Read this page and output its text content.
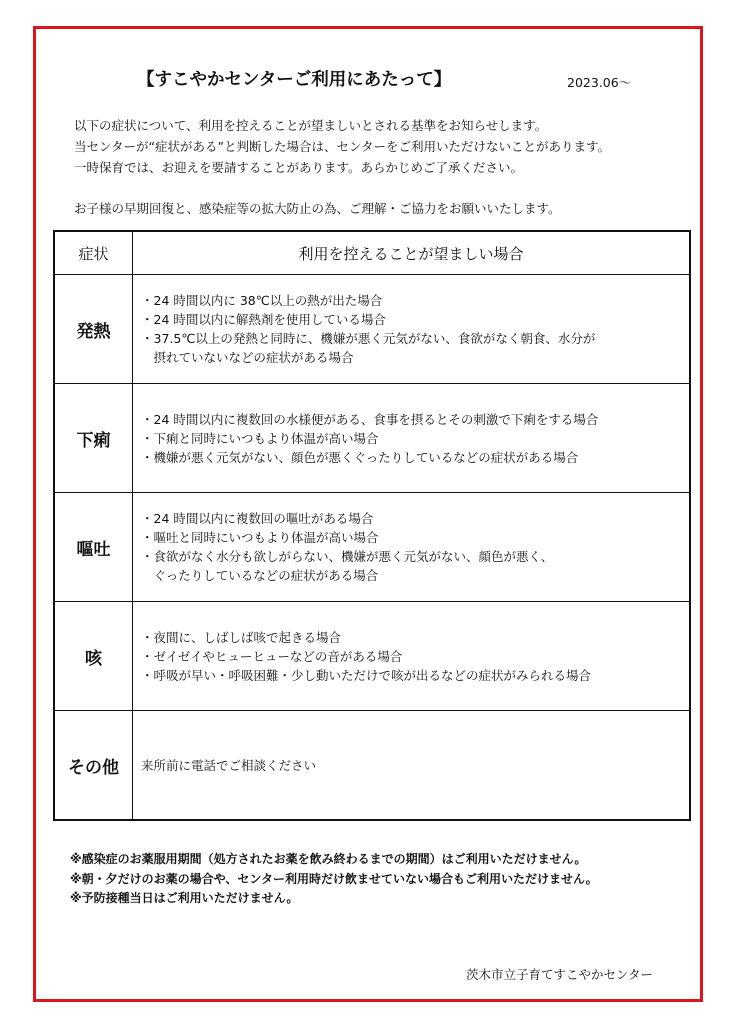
【すこやかセンターご利用にあたって】	2023.06～

以下の症状について、利用を控えることが望ましいとされる基準をお知らせします。

当センターが“症状がある”と判断した場合は、センターをご利用いただけないことがあります。

一時保育では、お迎えを要請することがあります。あらかじめご了承ください。

お子様の早期回復と、感染症等の拡大防止の為、ご理解・ご協力をお願いいたします。

症状	利用を控えることが望ましい場合
発熱	・24 時間以内に 38℃以上の熱が出た場合
・24 時間以内に解熱剤を使用している場合
・37.5℃以上の発熱と同時に、機嫌が悪く元気がない、食欲がなく朝食、水分が
　摂れていないなどの症状がある場合

下痢	・24 時間以内に複数回の水様便がある、食事を摂るとその刺激で下痢をする場合
・下痢と同時にいつもより体温が高い場合
・機嫌が悪く元気がない、顔色が悪くぐったりしているなどの症状がある場合

嘔吐	・24 時間以内に複数回の嘔吐がある場合
・嘔吐と同時にいつもより体温が高い場合
・食欲がなく水分も欲しがらない、機嫌が悪く元気がない、顔色が悪く、
　ぐったりしているなどの症状がある場合

咳	・夜間に、しばしば咳で起きる場合
・ゼイゼイやヒューヒューなどの音がある場合
・呼吸が早い・呼吸困難・少し動いただけで咳が出るなどの症状がみられる場合

その他	来所前に電話でご相談ください

※感染症のお薬服用期間（処方されたお薬を飲み終わるまでの期間）はご利用いただけません。

※朝・夕だけのお薬の場合や、センター利用時だけ飲ませていない場合もご利用いただけません。

※予防接種当日はご利用いただけません。

茨木市立子育てすこやかセンター
